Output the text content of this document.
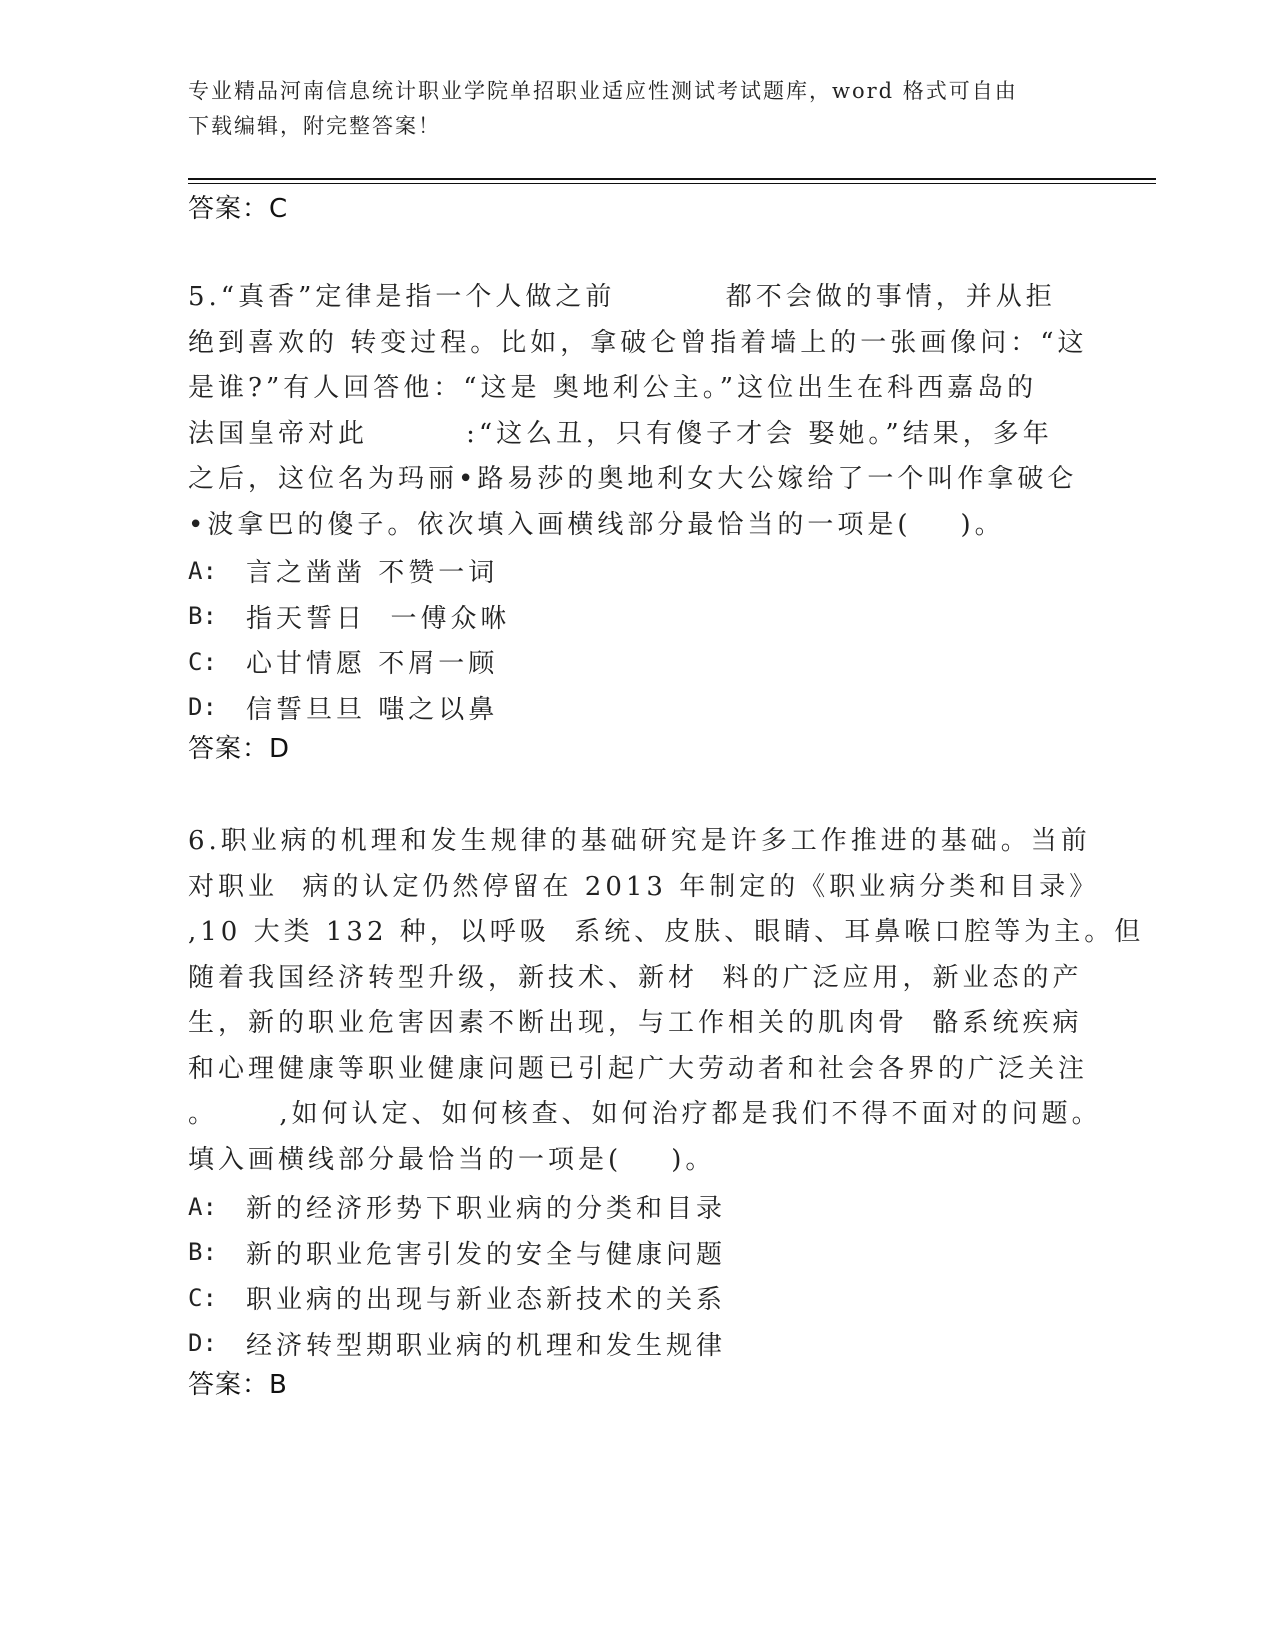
专业精品河南信息统计职业学院单招职业适应性测试考试题库，word 格式可自由
下载编辑，附完整答案！
答案：C
5.“真香”定律是指一个人做之前         都不会做的事情，并从拒
绝到喜欢的 转变过程。比如，拿破仑曾指着墙上的一张画像问：“这
是谁?”有人回答他：“这是 奥地利公主。”这位出生在科西嘉岛的
法国皇帝对此        :“这么丑，只有傻子才会 娶她。”结果，多年
之后，这位名为玛丽•路易莎的奥地利女大公嫁给了一个叫作拿破仑
•波拿巴的傻子。依次填入画横线部分最恰当的一项是(    )。
A:	言之凿凿 不赞一词
B:	指天誓日  一傅众咻
C:	心甘情愿 不屑一顾
D:	信誓旦旦 嗤之以鼻
答案：D
6.职业病的机理和发生规律的基础研究是许多工作推进的基础。当前
对职业  病的认定仍然停留在 2013 年制定的《职业病分类和目录》
,10 大类 132 种，以呼吸  系统、皮肤、眼睛、耳鼻喉口腔等为主。但
随着我国经济转型升级，新技术、新材  料的广泛应用，新业态的产
生，新的职业危害因素不断出现，与工作相关的肌肉骨  骼系统疾病
和心理健康等职业健康问题已引起广大劳动者和社会各界的广泛关注
。     ,如何认定、如何核查、如何治疗都是我们不得不面对的问题。
填入画横线部分最恰当的一项是(    )。
A:	新的经济形势下职业病的分类和目录
B:	新的职业危害引发的安全与健康问题
C:	职业病的出现与新业态新技术的关系
D:	经济转型期职业病的机理和发生规律
答案：B
